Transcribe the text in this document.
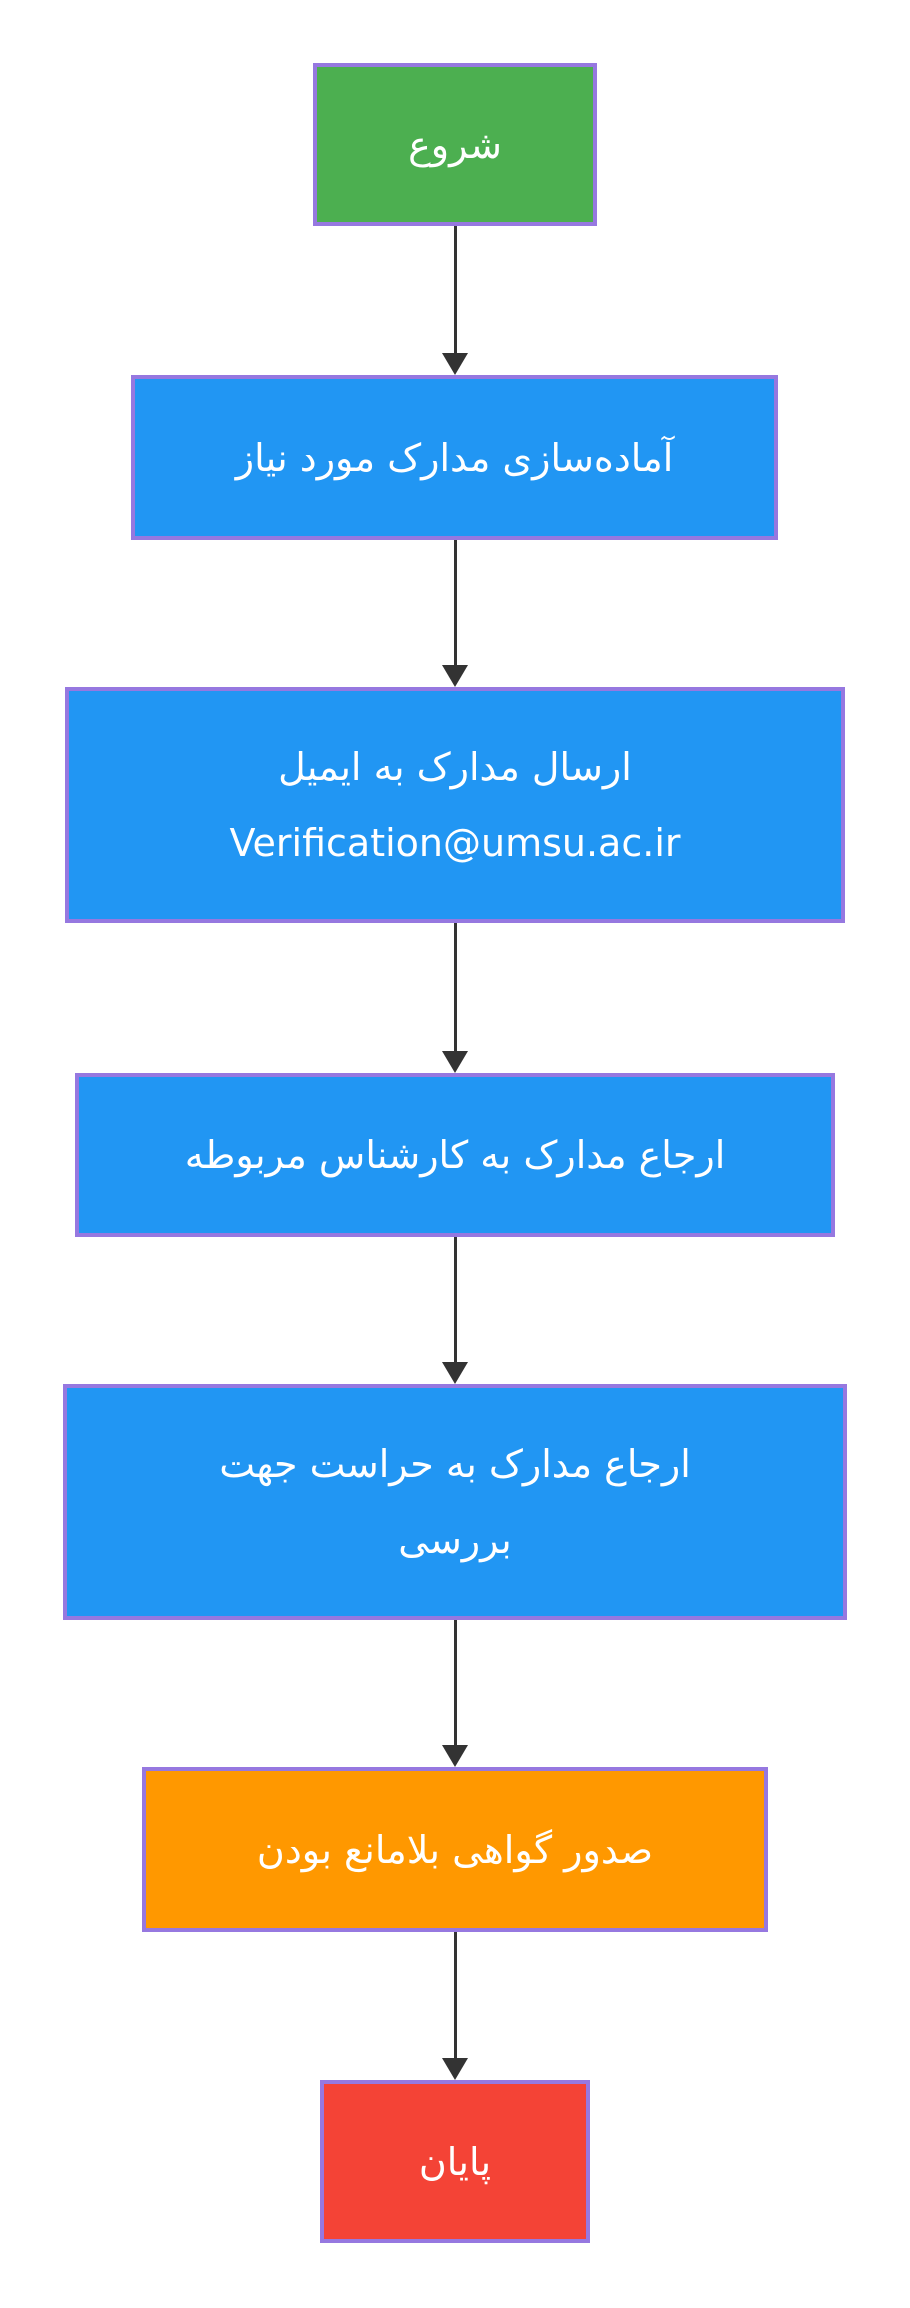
شروع
آماده‌سازی مدارک مورد نیاز
ارسال مدارک به ایمیل
Verification@umsu.ac.ir
ارجاع مدارک به کارشناس مربوطه
ارجاع مدارک به حراست جهت
بررسی
صدور گواهی بلامانع بودن
پایان
